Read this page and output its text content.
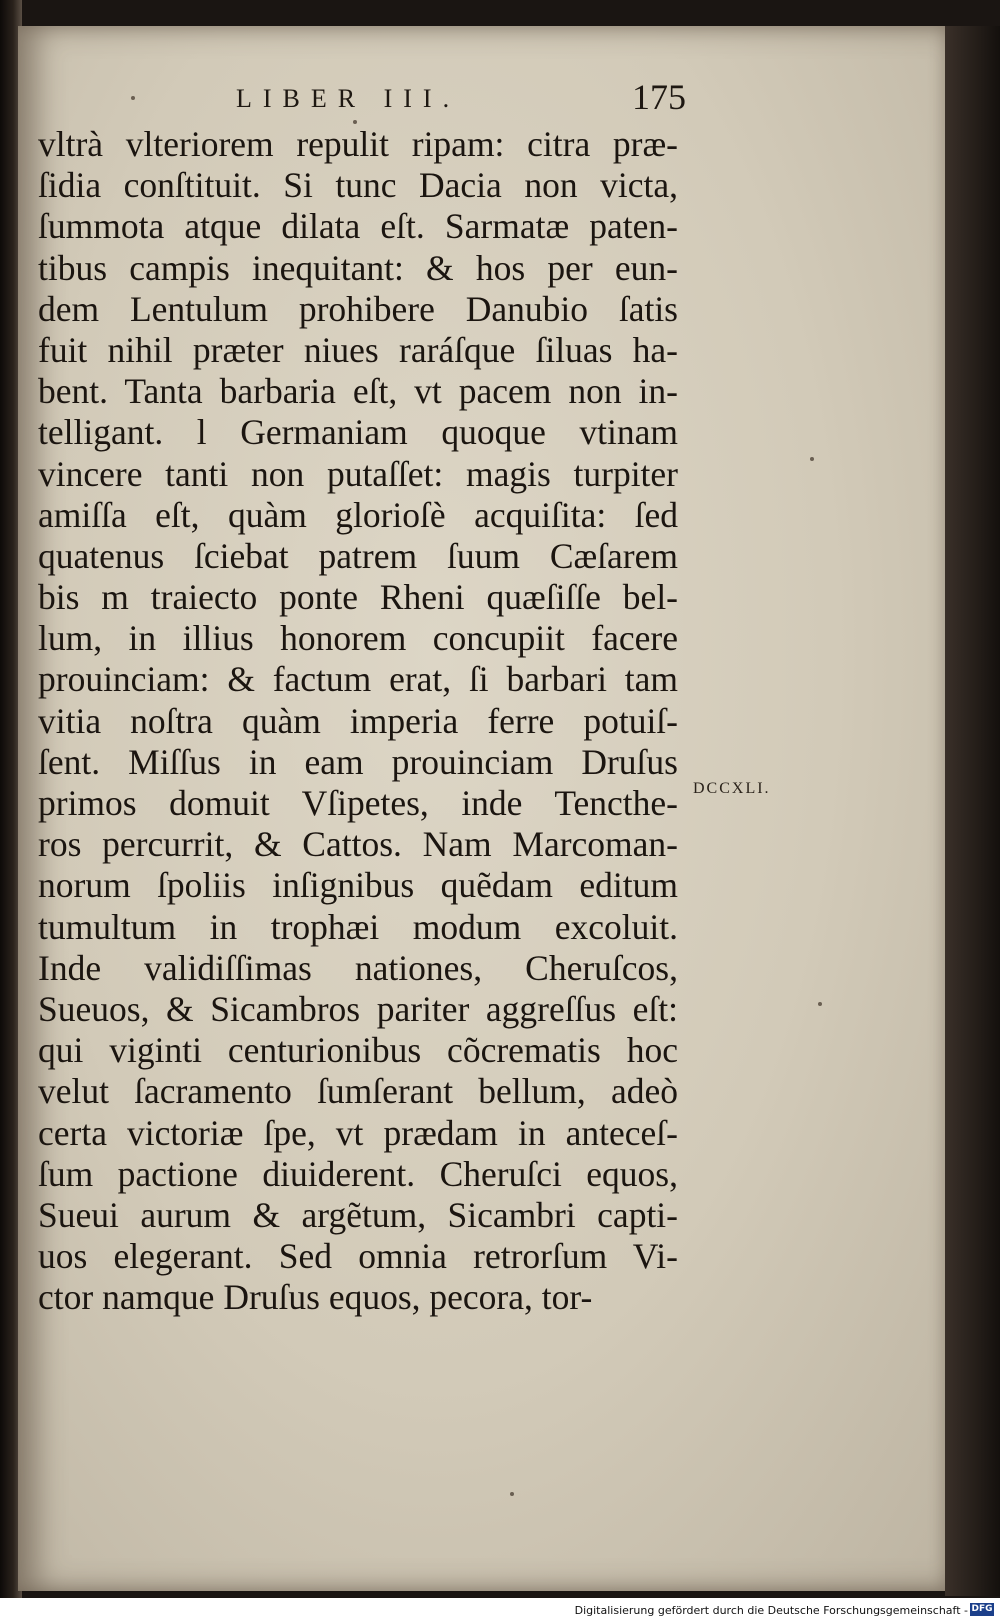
LIBER III.	175
vltrà vlteriorem repulit ripam: citra præ-
ſidia conſtituit. Si tunc Dacia non victa,
ſummota atque dilata eſt. Sarmatæ paten-
tibus campis inequitant: & hos per eun-
dem Lentulum prohibere Danubio ſatis
fuit nihil præter niues raráſque ſiluas ha-
bent. Tanta barbaria eſt, vt pacem non in-
telligant. l Germaniam quoque vtinam
vincere tanti non putaſſet: magis turpiter
amiſſa eſt, quàm glorioſè acquiſita: ſed
quatenus ſciebat patrem ſuum Cæſarem
bis m traiecto ponte Rheni quæſiſſe bel-
lum, in illius honorem concupiit facere
prouinciam: & factum erat, ſi barbari tam
vitia noſtra quàm imperia ferre potuiſ-
ſent. Miſſus in eam prouinciam Druſus
primos domuit Vſipetes, inde Tencthe-
ros percurrit, & Cattos. Nam Marcoman-
norum ſpoliis inſignibus quẽdam editum
tumultum in trophæi modum excoluit.
Inde validiſſimas nationes, Cheruſcos,
Sueuos, & Sicambros pariter aggreſſus eſt:
qui viginti centurionibus cõcrematis hoc
velut ſacramento ſumſerant bellum, adeò
certa victoriæ ſpe, vt prædam in anteceſ-
ſum pactione diuiderent. Cheruſci equos,
Sueui aurum & argẽtum, Sicambri capti-
uos elegerant. Sed omnia retrorſum Vi-
ctor namque Druſus equos, pecora, tor-
DCCXLI.
Digitalisierung gefördert durch die Deutsche Forschungsgemeinschaft - DFG
